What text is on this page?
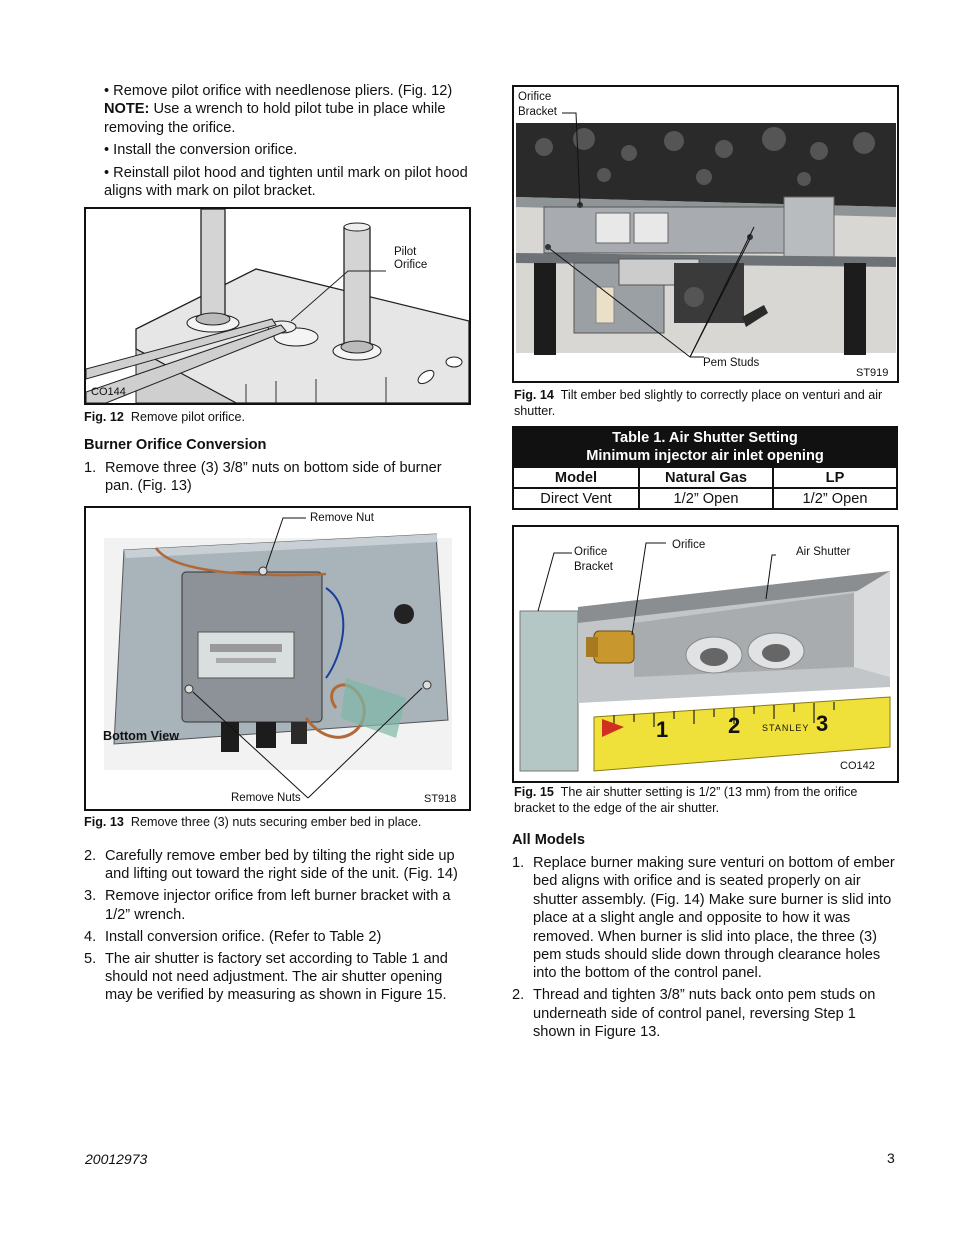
• Remove pilot orifice with needlenose pliers. (Fig. 12) NOTE: Use a wrench to hold pilot tube in place while removing the orifice.

• Install the conversion orifice.

• Reinstall pilot hood and tighten until mark on pilot hood aligns with mark on pilot bracket.

Pilot
Orifice
CO144
Fig. 12 Remove pilot orifice.
Burner Orifice Conversion
1. Remove three (3) 3/8” nuts on bottom side of burner pan. (Fig. 13)
Remove Nut
Bottom View
Remove Nuts	ST918
Fig. 13 Remove three (3) nuts securing ember bed in place.
2. Carefully remove ember bed by tilting the right side up and lifting out toward the right side of the unit. (Fig. 14)
3. Remove injector orifice from left burner bracket with a 1/2” wrench.
4. Install conversion orifice. (Refer to Table 2)
5. The air shutter is factory set according to Table 1 and should not need adjustment. The air shutter opening may be verified by measuring as shown in Figure 15.
Orifice
Bracket
Pem Studs
ST919
Fig. 14 Tilt ember bed slightly to correctly place on venturi and air shutter.
Table 1. Air Shutter Setting
Minimum injector air inlet opening		

Model	Natural Gas	LP
Direct Vent	1/2” Open	1/2” Open
Orifice
Bracket
Orifice
Air Shutter
1	2	3
STANLEY
CO142
Fig. 15 The air shutter setting is 1/2” (13 mm) from the orifice bracket to the edge of the air shutter.
All Models
1. Replace burner making sure venturi on bottom of ember bed aligns with orifice and is seated properly on air shutter assembly. (Fig. 14) Make sure burner is slid into place at a slight angle and opposite to how it was removed. When burner is slid into place, the three (3) pem studs should slide down through clearance holes into the bottom of the control panel.
2. Thread and tighten 3/8” nuts back onto pem studs on underneath side of control panel, reversing Step 1 shown in Figure 13.
20012973	3
